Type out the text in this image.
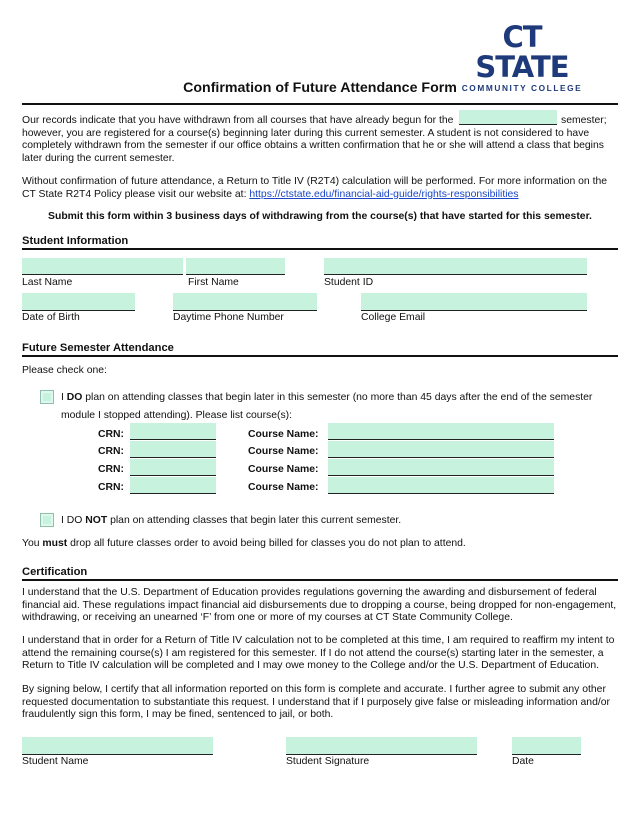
CT STATE
COMMUNITY COLLEGE
Confirmation of Future Attendance Form
Our records indicate that you have withdrawn from all courses that have already begun for the	semester;
however, you are registered for a course(s) beginning later during this current semester. A student is not considered to have completely withdrawn from the semester if our office obtains a written confirmation that he or she will attend a class that begins later during the current semester.
Without confirmation of future attendance, a Return to Title IV (R2T4) calculation will be performed. For more information on the CT State R2T4 Policy please visit our website at: https://ctstate.edu/financial-aid-guide/rights-responsibilities
Submit this form within 3 business days of withdrawing from the course(s) that have started for this semester.
Student Information
Last Name	First Name	Student ID
Date of Birth	Daytime Phone Number	College Email
Future Semester Attendance
Please check one:
I DO plan on attending classes that begin later in this semester (no more than 45 days after the end of the semester
module I stopped attending). Please list course(s):
CRN:	Course Name:
CRN:	Course Name:
CRN:	Course Name:
CRN:	Course Name:
I DO NOT plan on attending classes that begin later this current semester.
You must drop all future classes order to avoid being billed for classes you do not plan to attend.
Certification
I understand that the U.S. Department of Education provides regulations governing the awarding and disbursement of federal financial aid. These regulations impact financial aid disbursements due to dropping a course, being dropped for non-engagement, withdrawing, or receiving an unearned ‘F’ from one or more of my courses at CT State Community College.
I understand that in order for a Return of Title IV calculation not to be completed at this time, I am required to reaffirm my intent to attend the remaining course(s) I am registered for this semester. If I do not attend the course(s) starting later in the semester, a Return to Title IV calculation will be completed and I may owe money to the College and/or the U.S. Department of Education.
By signing below, I certify that all information reported on this form is complete and accurate. I further agree to submit any other requested documentation to substantiate this request. I understand that if I purposely give false or misleading information and/or fraudulently sign this form, I may be fined, sentenced to jail, or both.
Student Name	Student Signature	Date
